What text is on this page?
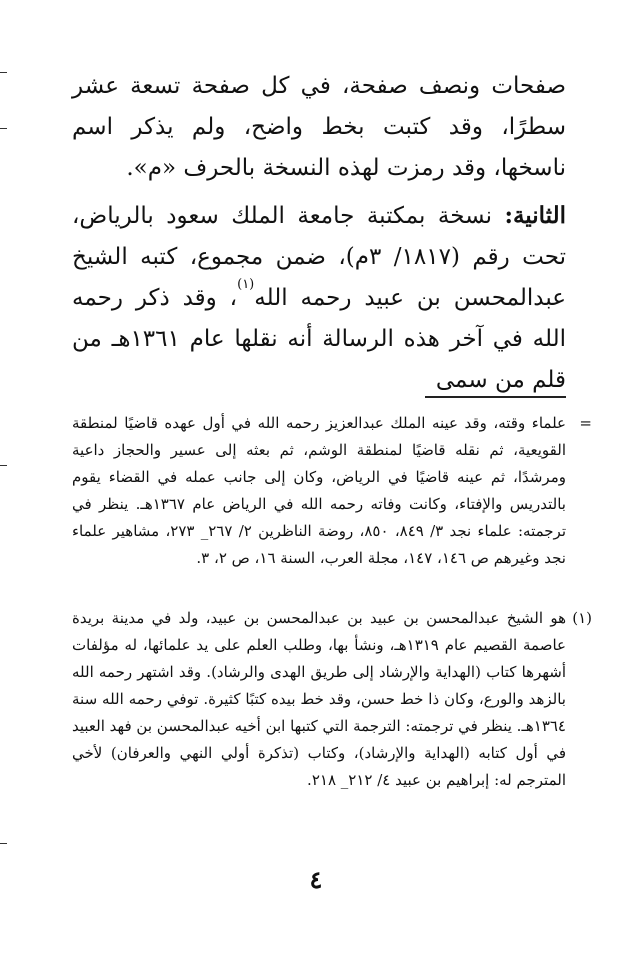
صفحات ونصف صفحة، في كل صفحة تسعة عشر سطرًا، وقد كتبت بخط واضح، ولم يذكر اسم ناسخها، وقد رمزت لهذه النسخة بالحرف «م».

الثانية: نسخة بمكتبة جامعة الملك سعود بالرياض، تحت رقم (١٨١٧/ ٣م)، ضمن مجموع، كتبه الشيخ عبدالمحسن بن عبيد رحمه الله$^{(١)}$، وقد ذكر رحمه الله في آخر هذه الرسالة أنه نقلها عام ١٣٦١هـ من قلم من سمى

=

علماء وقته، وقد عينه الملك عبدالعزيز رحمه الله في أول عهده قاضيًا لمنطقة القويعية، ثم نقله قاضيًا لمنطقة الوشم، ثم بعثه إلى عسير والحجاز داعية ومرشدًا، ثم عينه قاضيًا في الرياض، وكان إلى جانب عمله في القضاء يقوم بالتدريس والإفتاء، وكانت وفاته رحمه الله في الرياض عام ١٣٦٧هـ. ينظر في ترجمته: علماء نجد ٣/ ٨٤٩، ٨٥٠، روضة الناظرين ٢/ ٢٦٧_ ٢٧٣، مشاهير علماء نجد وغيرهم ص ١٤٦، ١٤٧، مجلة العرب، السنة ١٦، ص ٢، ٣.

(١)

هو الشيخ عبدالمحسن بن عبيد بن عبدالمحسن بن عبيد، ولد في مدينة بريدة عاصمة القصيم عام ١٣١٩هـ، ونشأ بها، وطلب العلم على يد علمائها، له مؤلفات أشهرها كتاب (الهداية والإرشاد إلى طريق الهدى والرشاد). وقد اشتهر رحمه الله بالزهد والورع، وكان ذا خط حسن، وقد خط بيده كتبًا كثيرة. توفي رحمه الله سنة ١٣٦٤هـ. ينظر في ترجمته: الترجمة التي كتبها ابن أخيه عبدالمحسن بن فهد العبيد في أول كتابه (الهداية والإرشاد)، وكتاب (تذكرة أولي النهي والعرفان) لأخي المترجم له: إبراهيم بن عبيد ٤/ ٢١٢_ ٢١٨.

٤
